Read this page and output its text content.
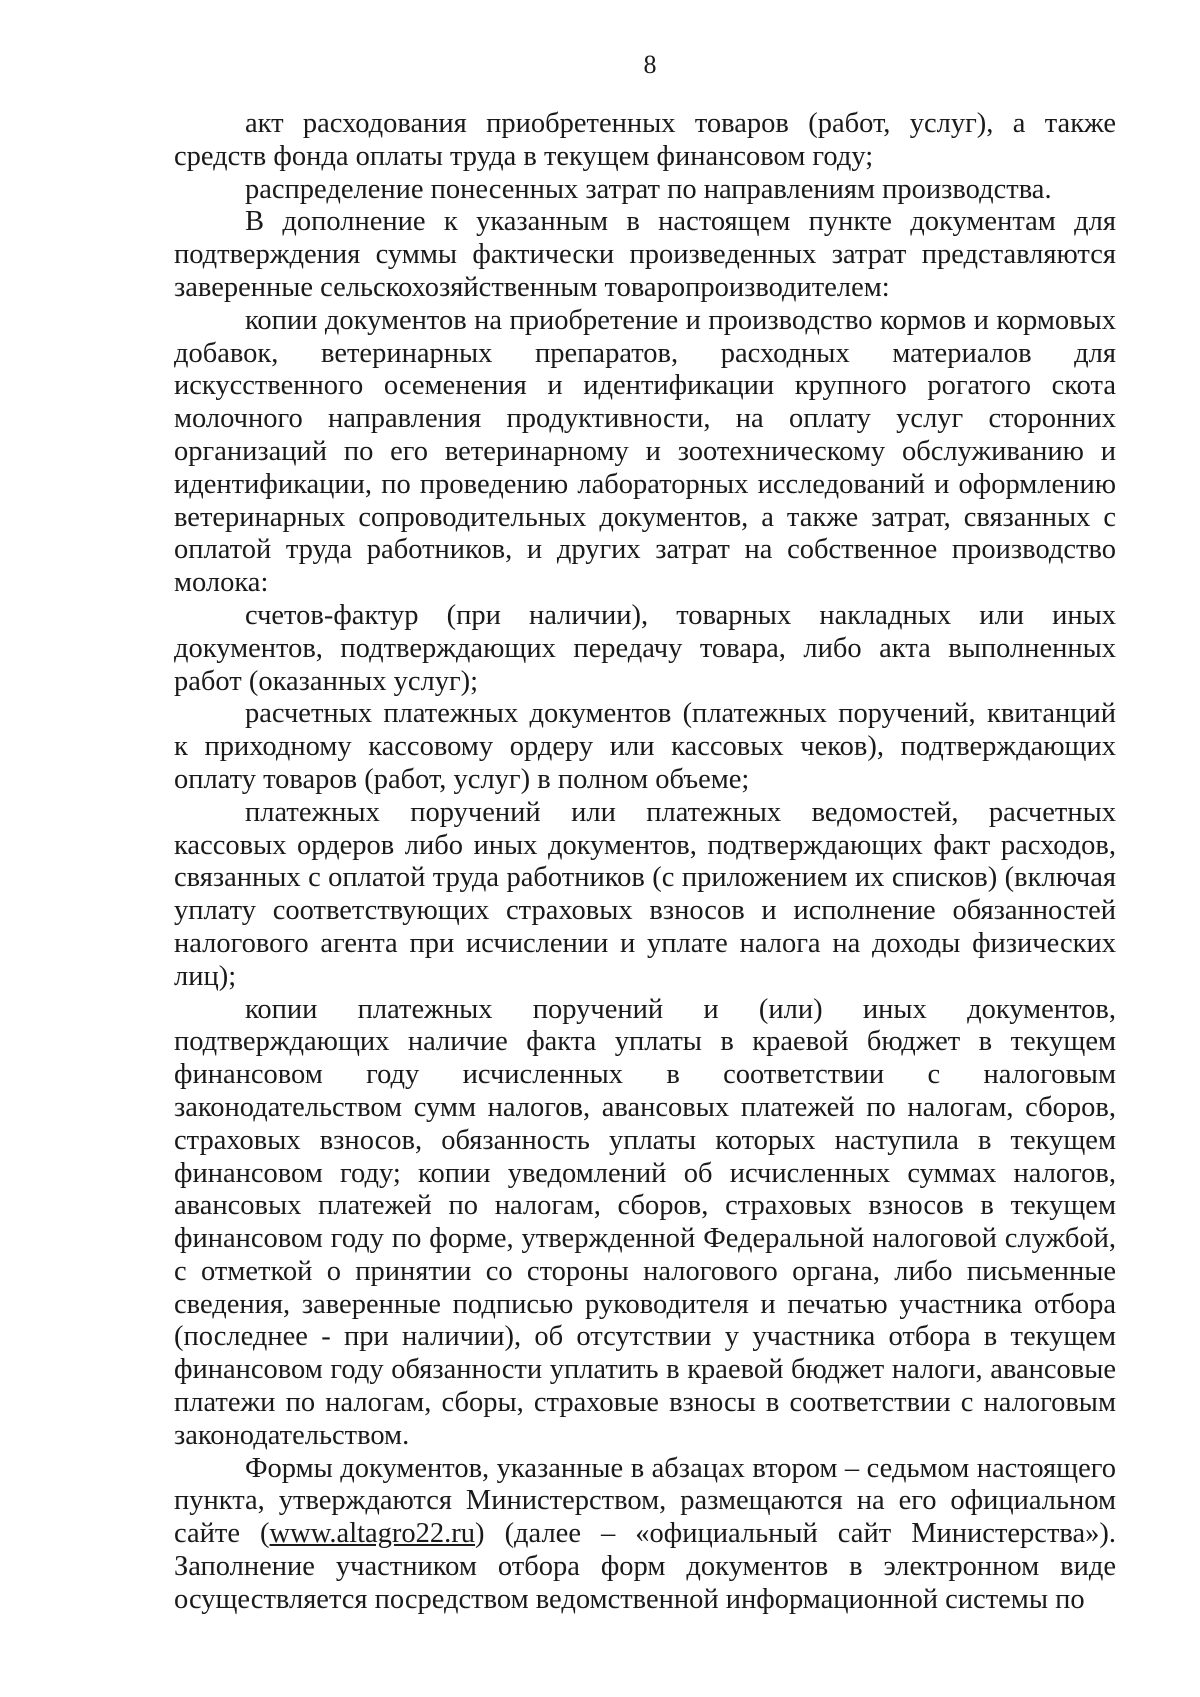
8

акт расходования приобретенных товаров (работ, услуг), а также средств фонда оплаты труда в текущем финансовом году;

распределение понесенных затрат по направлениям производства.

В дополнение к указанным в настоящем пункте документам для подтверждения суммы фактически произведенных затрат представляются заверенные сельскохозяйственным товаропроизводителем:

копии документов на приобретение и производство кормов и кормовых добавок, ветеринарных препаратов, расходных материалов для искусственного осеменения и идентификации крупного рогатого скота молочного направления продуктивности, на оплату услуг сторонних организаций по его ветеринарному и зоотехническому обслуживанию и идентификации, по проведению лабораторных исследований и оформлению ветеринарных сопроводительных документов, а также затрат, связанных с оплатой труда работников, и других затрат на собственное производство молока:

счетов-фактур (при наличии), товарных накладных или иных документов, подтверждающих передачу товара, либо акта выполненных работ (оказанных услуг);

расчетных платежных документов (платежных поручений, квитанций к приходному кассовому ордеру или кассовых чеков), подтверждающих оплату товаров (работ, услуг) в полном объеме;

платежных поручений или платежных ведомостей, расчетных кассовых ордеров либо иных документов, подтверждающих факт расходов, связанных с оплатой труда работников (с приложением их списков) (включая уплату соответствующих страховых взносов и исполнение обязанностей налогового агента при исчислении и уплате налога на доходы физических лиц);

копии платежных поручений и (или) иных документов, подтверждающих наличие факта уплаты в краевой бюджет в текущем финансовом году исчисленных в соответствии с налоговым законодательством сумм налогов, авансовых платежей по налогам, сборов, страховых взносов, обязанность уплаты которых наступила в текущем финансовом году; копии уведомлений об исчисленных суммах налогов, авансовых платежей по налогам, сборов, страховых взносов в текущем финансовом году по форме, утвержденной Федеральной налоговой службой, с отметкой о принятии со стороны налогового органа, либо письменные сведения, заверенные подписью руководителя и печатью участника отбора (последнее - при наличии), об отсутствии у участника отбора в текущем финансовом году обязанности уплатить в краевой бюджет налоги, авансовые платежи по налогам, сборы, страховые взносы в соответствии с налоговым законодательством.

Формы документов, указанные в абзацах втором – седьмом настоящего пункта, утверждаются Министерством, размещаются на его официальном сайте (www.altagro22.ru) (далее – «официальный сайт Министерства»). Заполнение участником отбора форм документов в электронном виде осуществляется посредством ведомственной информационной системы по
